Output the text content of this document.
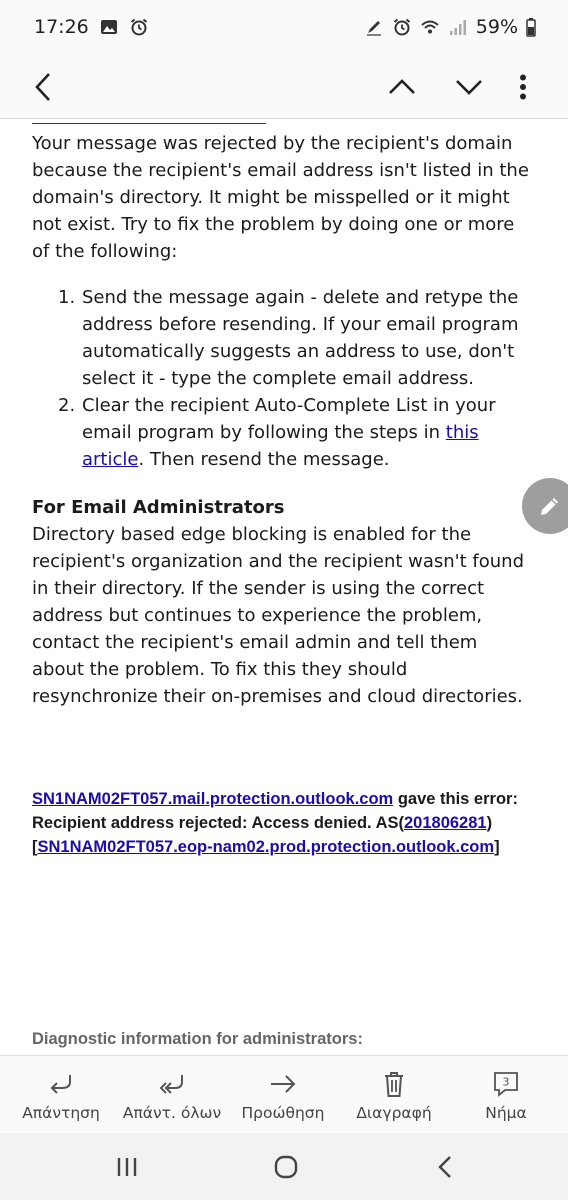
17:26	59%

Your message was rejected by the recipient's domain because the recipient's email address isn't listed in the domain's directory. It might be misspelled or it might not exist. Try to fix the problem by doing one or more of the following:

1. Send the message again - delete and retype the address before resending. If your email program automatically suggests an address to use, don't select it - type the complete email address.
2. Clear the recipient Auto-Complete List in your email program by following the steps in this article. Then resend the message.

For Email Administrators

Directory based edge blocking is enabled for the recipient's organization and the recipient wasn't found in their directory. If the sender is using the correct address but continues to experience the problem, contact the recipient's email admin and tell them about the problem. To fix this they should resynchronize their on-premises and cloud directories.

SN1NAM02FT057.mail.protection.outlook.com gave this error:
Recipient address rejected: Access denied. AS(201806281)
[SN1NAM02FT057.eop-nam02.prod.protection.outlook.com]

Diagnostic information for administrators:

Απάντηση Απάντ. όλων Προώθηση Διαγραφή
3
Νήμα
